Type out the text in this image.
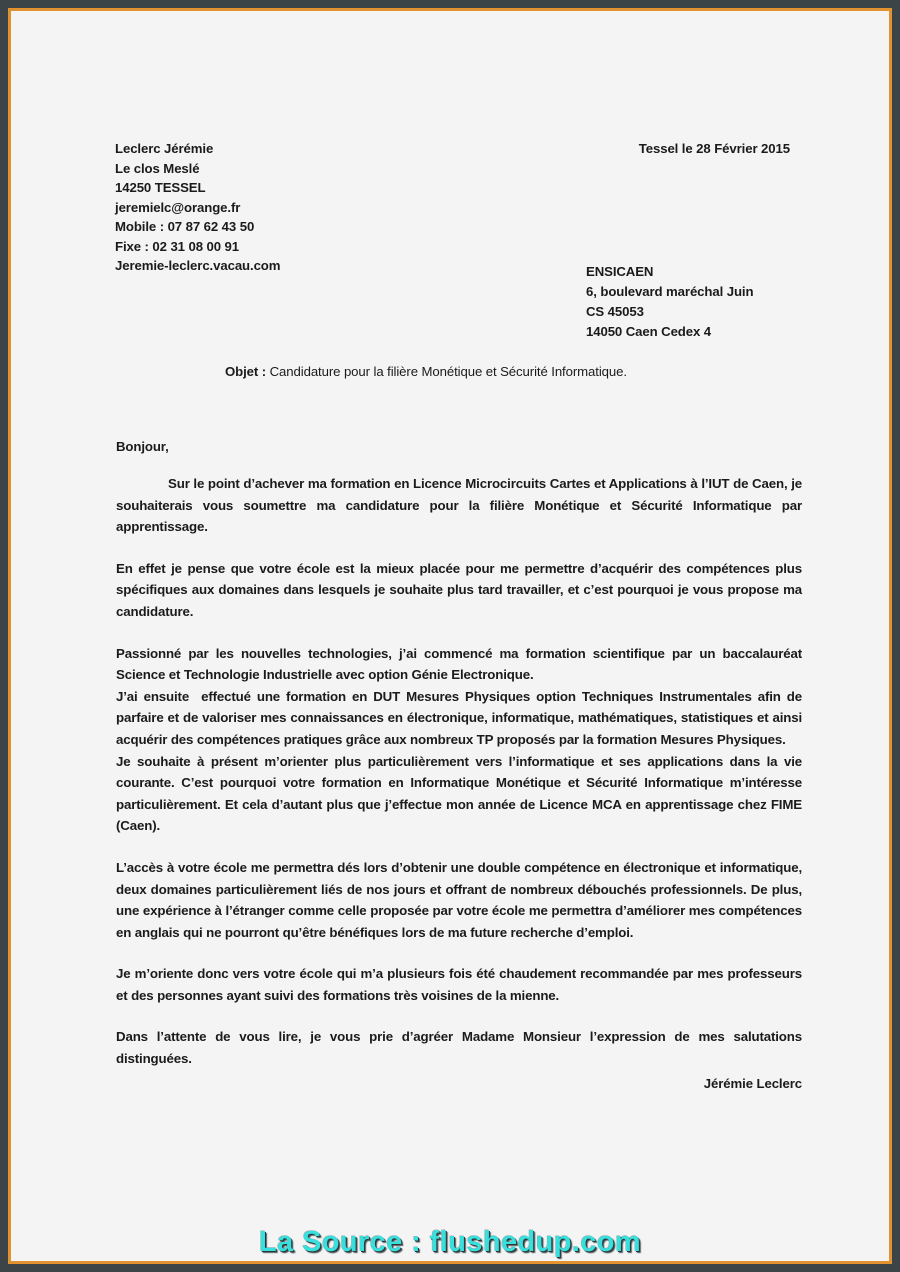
Leclerc Jérémie
Le clos Meslé
14250 TESSEL
jeremielc@orange.fr
Mobile : 07 87 62 43 50
Fixe : 02 31 08 00 91
Jeremie-leclerc.vacau.com
Tessel le 28 Février 2015
ENSICAEN
6, boulevard maréchal Juin
CS 45053
14050 Caen Cedex 4
Objet : Candidature pour la filière Monétique et Sécurité Informatique.
Bonjour,

Sur le point d’achever ma formation en Licence Microcircuits Cartes et Applications à l’IUT de Caen, je souhaiterais vous soumettre ma candidature pour la filière Monétique et Sécurité Informatique par apprentissage.

En effet je pense que votre école est la mieux placée pour me permettre d’acquérir des compétences plus spécifiques aux domaines dans lesquels je souhaite plus tard travailler, et c’est pourquoi je vous propose ma candidature.

Passionné par les nouvelles technologies, j’ai commencé ma formation scientifique par un baccalauréat Science et Technologie Industrielle avec option Génie Electronique.

J’ai ensuite  effectué une formation en DUT Mesures Physiques option Techniques Instrumentales afin de parfaire et de valoriser mes connaissances en électronique, informatique, mathématiques, statistiques et ainsi acquérir des compétences pratiques grâce aux nombreux TP proposés par la formation Mesures Physiques.

Je souhaite à présent m’orienter plus particulièrement vers l’informatique et ses applications dans la vie courante. C’est pourquoi votre formation en Informatique Monétique et Sécurité Informatique m’intéresse particulièrement. Et cela d’autant plus que j’effectue mon année de Licence MCA en apprentissage chez FIME (Caen).

L’accès à votre école me permettra dés lors d’obtenir une double compétence en électronique et informatique, deux domaines particulièrement liés de nos jours et offrant de nombreux débouchés professionnels. De plus, une expérience à l’étranger comme celle proposée par votre école me permettra d’améliorer mes compétences en anglais qui ne pourront qu’être bénéfiques lors de ma future recherche d’emploi.

Je m’oriente donc vers votre école qui m’a plusieurs fois été chaudement recommandée par mes professeurs et des personnes ayant suivi des formations très voisines de la mienne.

Dans l’attente de vous lire, je vous prie d’agréer Madame Monsieur l’expression de mes salutations distinguées.

Jérémie Leclerc
La Source : flushedup.com
